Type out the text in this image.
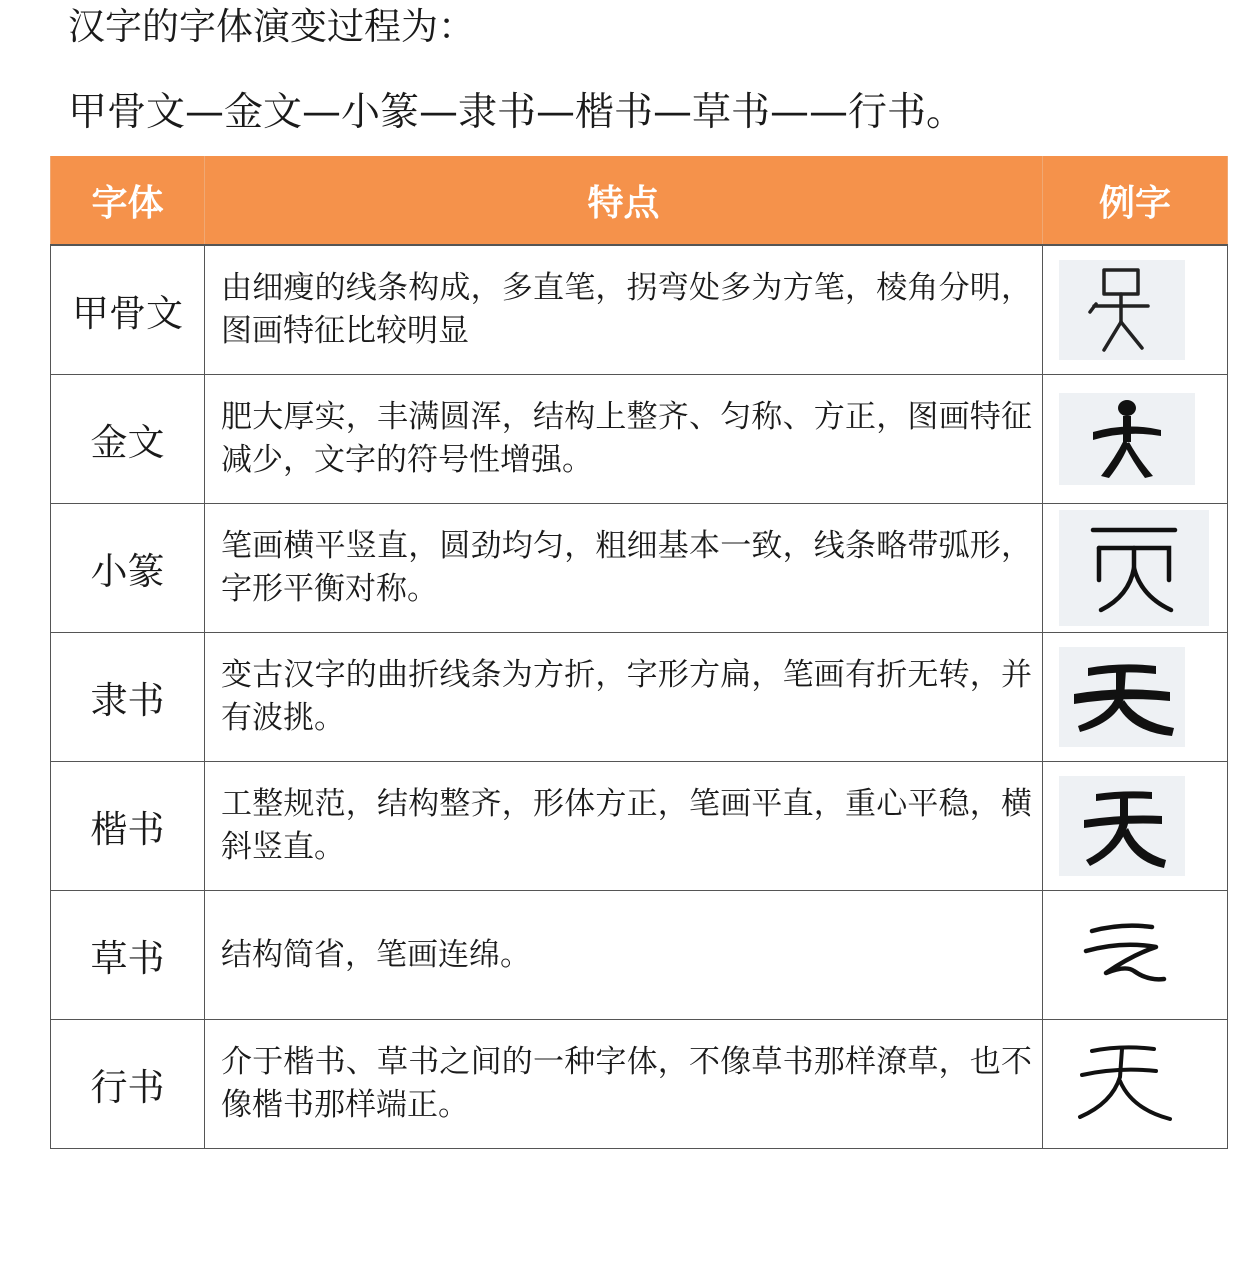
汉字的字体演变过程为：
甲骨文—金文—小篆—隶书—楷书—草书——行书。
字体	特点	例字
甲骨文	由细瘦的线条构成，多直笔，拐弯处多为方笔，棱角分明，图画特征比较明显	

金文	肥大厚实，丰满圆浑，结构上整齐、匀称、方正，图画特征减少，文字的符号性增强。	

小篆	笔画横平竖直，圆劲均匀，粗细基本一致，线条略带弧形，字形平衡对称。	

隶书	变古汉字的曲折线条为方折，字形方扁，笔画有折无转，并有波挑。	

楷书	工整规范，结构整齐，形体方正，笔画平直，重心平稳，横斜竖直。	

草书	结构简省，笔画连绵。	

行书	介于楷书、草书之间的一种字体，不像草书那样潦草，也不像楷书那样端正。	
